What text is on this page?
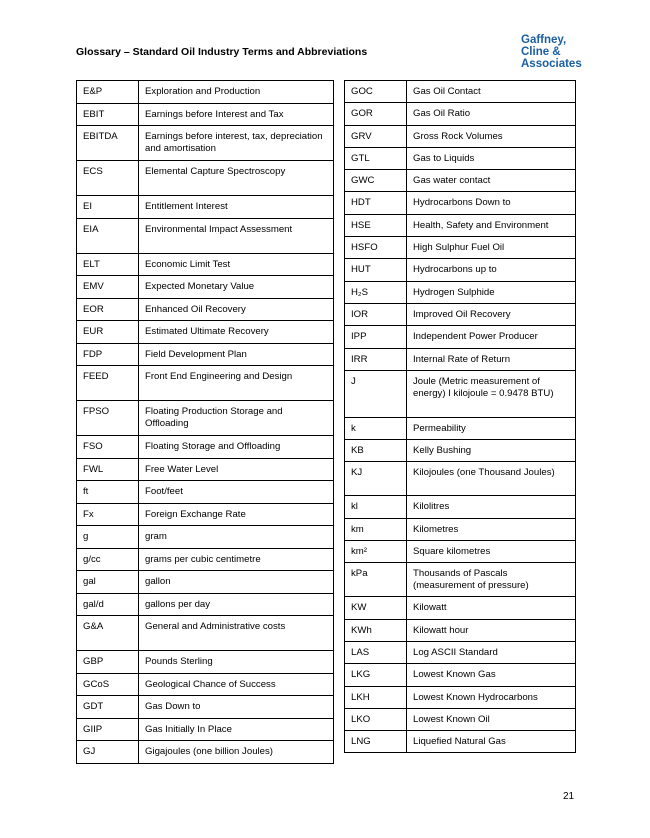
Glossary – Standard Oil Industry Terms and Abbreviations
Gaffney,
Cline &
Associates
E&P	Exploration and Production
EBIT	Earnings before Interest and Tax
EBITDA	Earnings before interest, tax, depreciation and amortisation
ECS	Elemental Capture Spectroscopy
EI	Entitlement Interest
EIA	Environmental Impact Assessment
ELT	Economic Limit Test
EMV	Expected Monetary Value
EOR	Enhanced Oil Recovery
EUR	Estimated Ultimate Recovery
FDP	Field Development Plan
FEED	Front End Engineering and Design
FPSO	Floating Production Storage and Offloading
FSO	Floating Storage and Offloading
FWL	Free Water Level
ft	Foot/feet
Fx	Foreign Exchange Rate
g	gram
g/cc	grams per cubic centimetre
gal	gallon
gal/d	gallons per day
G&A	General and Administrative costs
GBP	Pounds Sterling
GCoS	Geological Chance of Success
GDT	Gas Down to
GIIP	Gas Initially In Place
GJ	Gigajoules (one billion Joules)
GOC	Gas Oil Contact
GOR	Gas Oil Ratio
GRV	Gross Rock Volumes
GTL	Gas to Liquids
GWC	Gas water contact
HDT	Hydrocarbons Down to
HSE	Health, Safety and Environment
HSFO	High Sulphur Fuel Oil
HUT	Hydrocarbons up to
H₂S	Hydrogen Sulphide
IOR	Improved Oil Recovery
IPP	Independent Power Producer
IRR	Internal Rate of Return
J	Joule (Metric measurement of energy) I kilojoule = 0.9478 BTU)
k	Permeability
KB	Kelly Bushing
KJ	Kilojoules (one Thousand Joules)
kl	Kilolitres
km	Kilometres
km²	Square kilometres
kPa	Thousands of Pascals (measurement of pressure)
KW	Kilowatt
KWh	Kilowatt hour
LAS	Log ASCII Standard
LKG	Lowest Known Gas
LKH	Lowest Known Hydrocarbons
LKO	Lowest Known Oil
LNG	Liquefied Natural Gas
21
